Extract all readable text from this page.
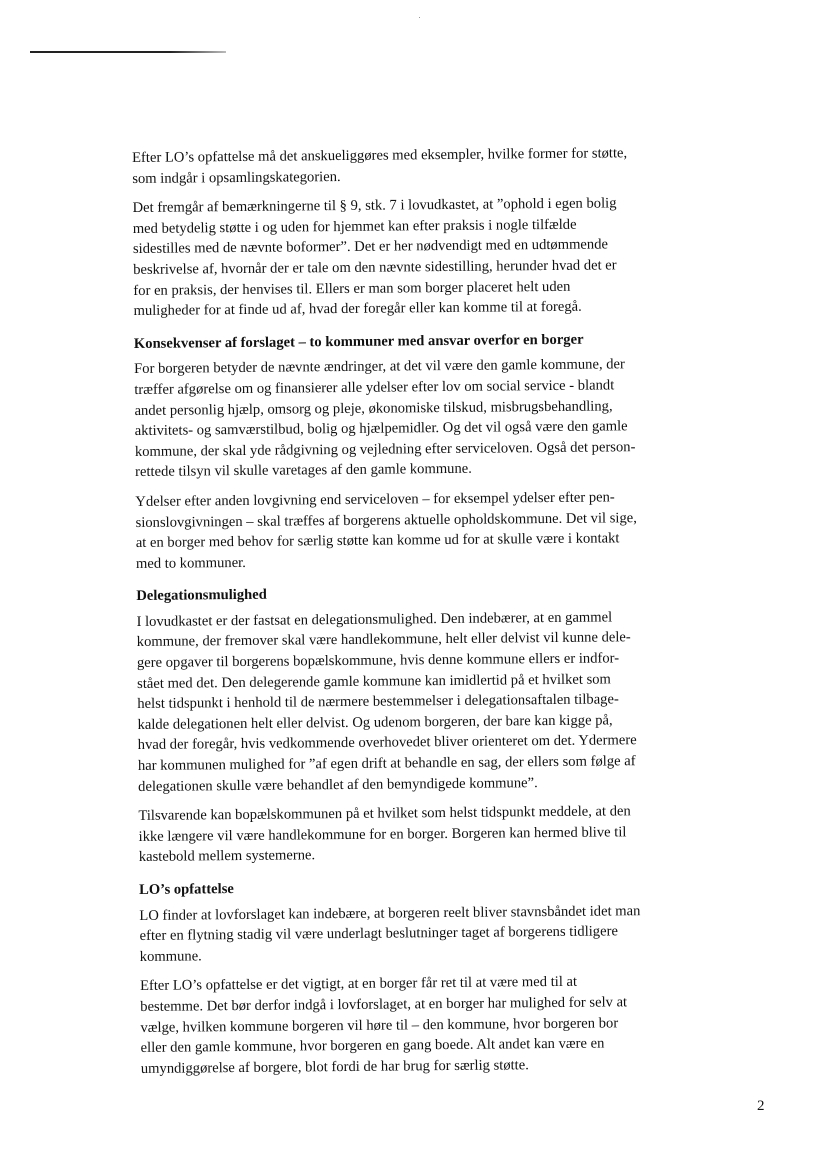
Efter LO’s opfattelse må det anskueliggøres med eksempler, hvilke former for støtte,
som indgår i opsamlingskategorien.

Det fremgår af bemærkningerne til § 9, stk. 7 i lovudkastet, at ”ophold i egen bolig
med betydelig støtte i og uden for hjemmet kan efter praksis i nogle tilfælde
sidestilles med de nævnte boformer”. Det er her nødvendigt med en udtømmende
beskrivelse af, hvornår der er tale om den nævnte sidestilling, herunder hvad det er
for en praksis, der henvises til. Ellers er man som borger placeret helt uden
muligheder for at finde ud af, hvad der foregår eller kan komme til at foregå.

Konsekvenser af forslaget – to kommuner med ansvar overfor en borger

For borgeren betyder de nævnte ændringer, at det vil være den gamle kommune, der
træffer afgørelse om og finansierer alle ydelser efter lov om social service - blandt
andet personlig hjælp, omsorg og pleje, økonomiske tilskud, misbrugsbehandling,
aktivitets- og samværstilbud, bolig og hjælpemidler. Og det vil også være den gamle
kommune, der skal yde rådgivning og vejledning efter serviceloven. Også det person-
rettede tilsyn vil skulle varetages af den gamle kommune.

Ydelser efter anden lovgivning end serviceloven – for eksempel ydelser efter pen-
sionslovgivningen – skal træffes af borgerens aktuelle opholdskommune. Det vil sige,
at en borger med behov for særlig støtte kan komme ud for at skulle være i kontakt
med to kommuner.

Delegationsmulighed

I lovudkastet er der fastsat en delegationsmulighed. Den indebærer, at en gammel
kommune, der fremover skal være handlekommune, helt eller delvist vil kunne dele-
gere opgaver til borgerens bopælskommune, hvis denne kommune ellers er indfor-
stået med det. Den delegerende gamle kommune kan imidlertid på et hvilket som
helst tidspunkt i henhold til de nærmere bestemmelser i delegationsaftalen tilbage-
kalde delegationen helt eller delvist. Og udenom borgeren, der bare kan kigge på,
hvad der foregår, hvis vedkommende overhovedet bliver orienteret om det. Ydermere
har kommunen mulighed for ”af egen drift at behandle en sag, der ellers som følge af
delegationen skulle være behandlet af den bemyndigede kommune”.

Tilsvarende kan bopælskommunen på et hvilket som helst tidspunkt meddele, at den
ikke længere vil være handlekommune for en borger. Borgeren kan hermed blive til
kastebold mellem systemerne.

LO’s opfattelse

LO finder at lovforslaget kan indebære, at borgeren reelt bliver stavnsbåndet idet man
efter en flytning stadig vil være underlagt beslutninger taget af borgerens tidligere
kommune.

Efter LO’s opfattelse er det vigtigt, at en borger får ret til at være med til at
bestemme. Det bør derfor indgå i lovforslaget, at en borger har mulighed for selv at
vælge, hvilken kommune borgeren vil høre til – den kommune, hvor borgeren bor
eller den gamle kommune, hvor borgeren en gang boede. Alt andet kan være en
umyndiggørelse af borgere, blot fordi de har brug for særlig støtte.

2
